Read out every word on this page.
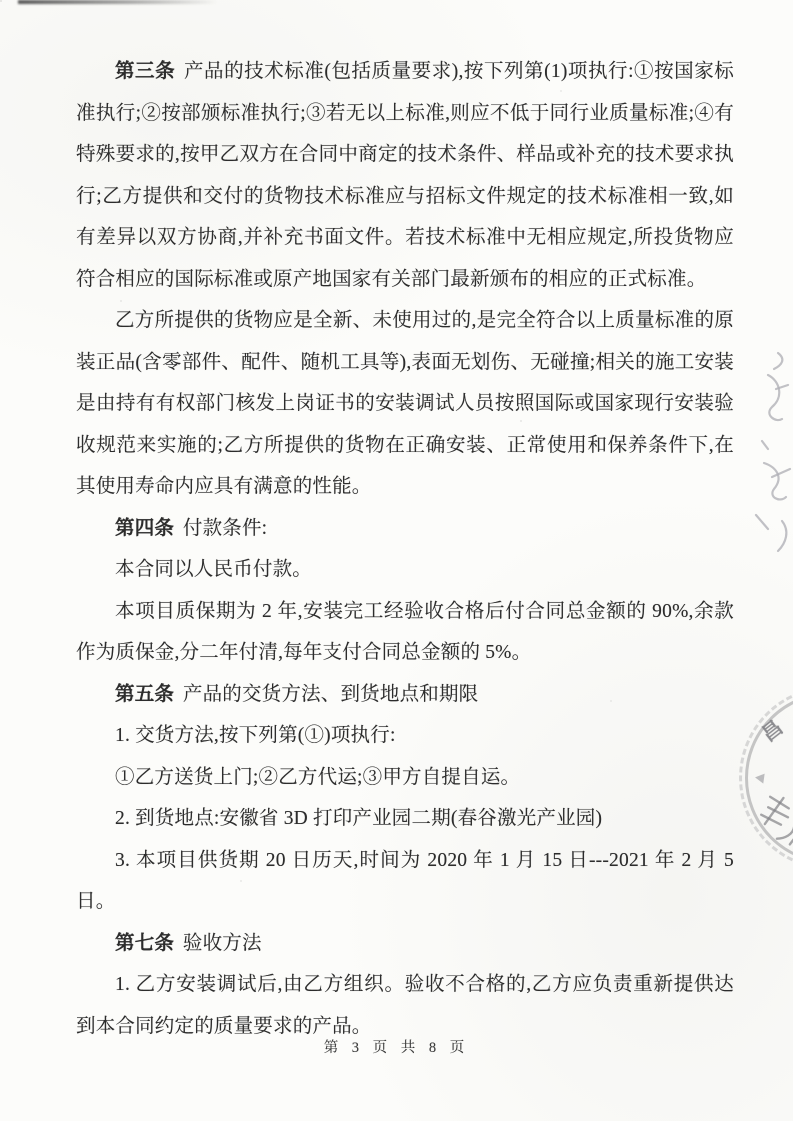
第三条 产品的技术标准(包括质量要求),按下列第(1)项执行:①按国家标准执行;②按部颁标准执行;③若无以上标准,则应不低于同行业质量标准;④有特殊要求的,按甲乙双方在合同中商定的技术条件、样品或补充的技术要求执行;乙方提供和交付的货物技术标准应与招标文件规定的技术标准相一致,如有差异以双方协商,并补充书面文件。若技术标准中无相应规定,所投货物应符合相应的国际标准或原产地国家有关部门最新颁布的相应的正式标准。

乙方所提供的货物应是全新、未使用过的,是完全符合以上质量标准的原装正品(含零部件、配件、随机工具等),表面无划伤、无碰撞;相关的施工安装是由持有有权部门核发上岗证书的安装调试人员按照国际或国家现行安装验收规范来实施的;乙方所提供的货物在正确安装、正常使用和保养条件下,在其使用寿命内应具有满意的性能。

第四条 付款条件:

本合同以人民币付款。

本项目质保期为 2 年,安装完工经验收合格后付合同总金额的 90%,余款作为质保金,分二年付清,每年支付合同总金额的 5%。

第五条 产品的交货方法、到货地点和期限

1. 交货方法,按下列第(①)项执行:

①乙方送货上门;②乙方代运;③甲方自提自运。

2. 到货地点:安徽省 3D 打印产业园二期(春谷激光产业园)

3. 本项目供货期 20 日历天,时间为 2020 年 1 月 15 日---2021 年 2 月 5 日。

第七条 验收方法

1. 乙方安装调试后,由乙方组织。验收不合格的,乙方应负责重新提供达到本合同约定的质量要求的产品。

昌
第 3 页 共 8 页
